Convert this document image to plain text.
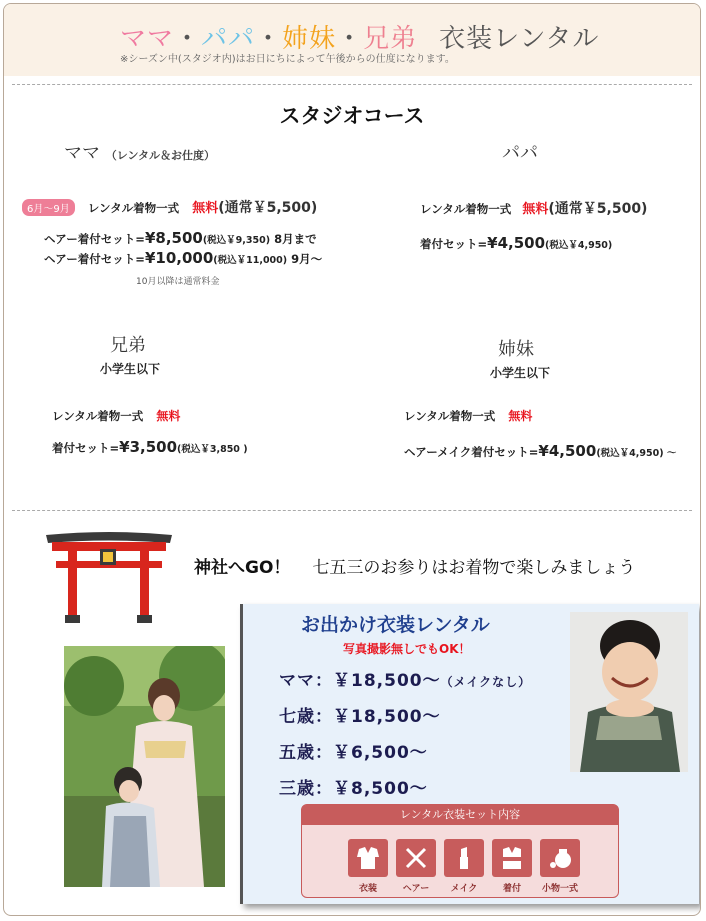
ママ・パパ・姉妹・兄弟 衣装レンタル
※シーズン中(スタジオ内)はお日にちによって午後からの仕度になります。
スタジオコース
ママ （レンタル＆お仕度）
6月〜9月 レンタル着物一式 無料(通常￥5,500)
ヘアー着付セット=¥8,500(税込￥9,350) 8月まで
ヘアー着付セット=¥10,000(税込￥11,000) 9月〜
10月以降は通常料金
パパ
レンタル着物一式 無料(通常￥5,500)
着付セット=¥4,500(税込￥4,950)
兄弟
小学生以下
レンタル着物一式 無料
着付セット=¥3,500(税込￥3,850 )
姉妹
小学生以下
レンタル着物一式 無料
ヘアーメイク着付セット=¥4,500(税込￥4,950) 〜
神社へGO！ 七五三のお参りはお着物で楽しみましょう
お出かけ衣装レンタル
写真撮影無しでもOK！
ママ：￥18,500〜（メイクなし）
七歳：￥18,500〜
五歳：￥6,500〜
三歳：￥8,500〜
レンタル衣装セット内容
衣装	ヘアー	メイク	着付	小物一式
